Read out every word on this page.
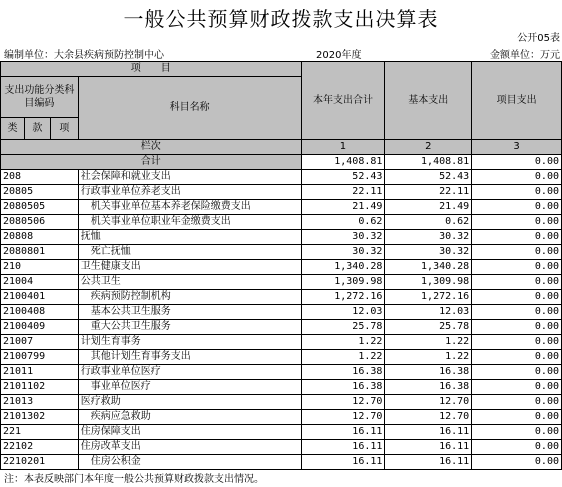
一般公共预算财政拨款支出决算表
公开05表
编制单位：大余县疾病预防控制中心	2020年度	金额单位：万元
项　　目				本年支出合计	基本支出	项目支出
支出功能分类科目编码			科目名称			

类	款	项				
栏次				1	2	3
合计				1,408.81	1,408.81	0.00
208			社会保障和就业支出	52.43	52.43	0.00
20805			行政事业单位养老支出	22.11	22.11	0.00
2080505			机关事业单位基本养老保险缴费支出	21.49	21.49	0.00
2080506			机关事业单位职业年金缴费支出	0.62	0.62	0.00
20808			抚恤	30.32	30.32	0.00
2080801			死亡抚恤	30.32	30.32	0.00
210			卫生健康支出	1,340.28	1,340.28	0.00
21004			公共卫生	1,309.98	1,309.98	0.00
2100401			疾病预防控制机构	1,272.16	1,272.16	0.00
2100408			基本公共卫生服务	12.03	12.03	0.00
2100409			重大公共卫生服务	25.78	25.78	0.00
21007			计划生育事务	1.22	1.22	0.00
2100799			其他计划生育事务支出	1.22	1.22	0.00
21011			行政事业单位医疗	16.38	16.38	0.00
2101102			事业单位医疗	16.38	16.38	0.00
21013			医疗救助	12.70	12.70	0.00
2101302			疾病应急救助	12.70	12.70	0.00
221			住房保障支出	16.11	16.11	0.00
22102			住房改革支出	16.11	16.11	0.00
2210201			住房公积金	16.11	16.11	0.00
注：本表反映部门本年度一般公共预算财政拨款支出情况。
